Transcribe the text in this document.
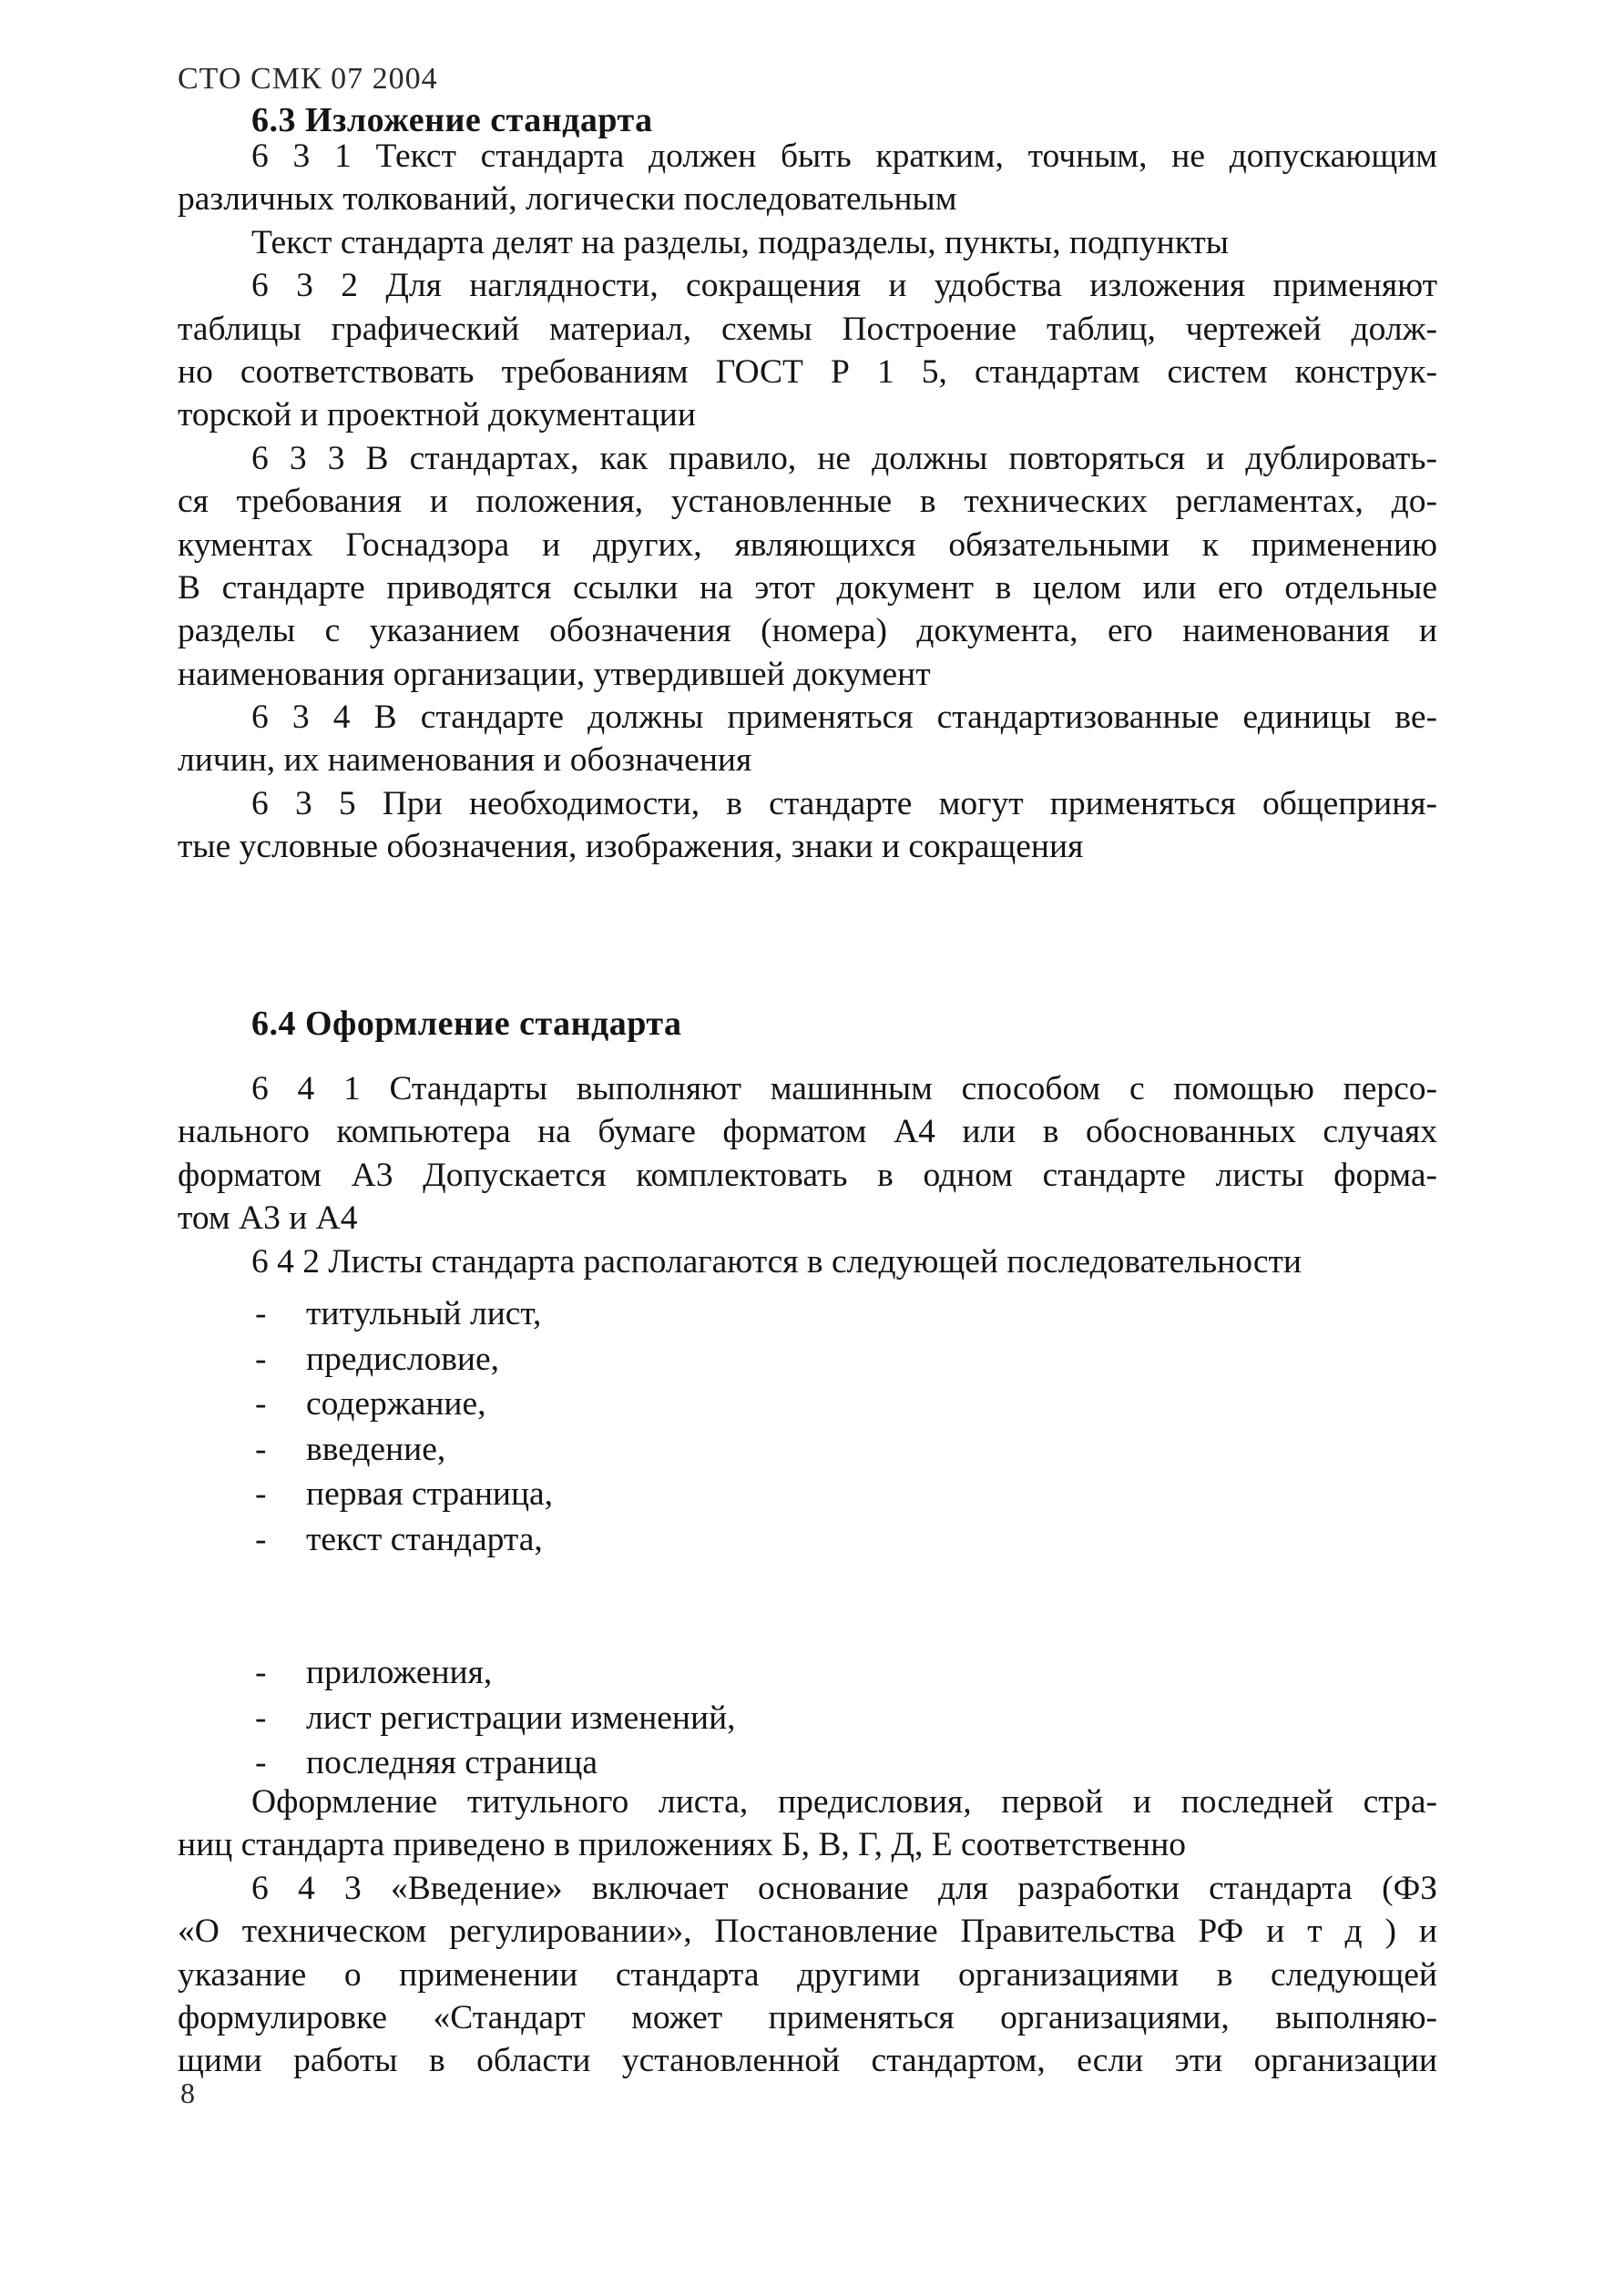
СТО СМК 07 2004
6.3 Изложение стандарта
6 3 1 Текст стандарта должен быть кратким, точным, не допускающим
различных толкований, логически последовательным
Текст стандарта делят на разделы, подразделы, пункты, подпункты
6 3 2 Для наглядности, сокращения и удобства изложения применяют
таблицы графический материал, схемы Построение таблиц, чертежей долж-
но соответствовать требованиям ГОСТ Р 1 5, стандартам систем конструк-
торской и проектной документации
6 3 3 В стандартах, как правило, не должны повторяться и дублировать-
ся требования и положения, установленные в технических регламентах, до-
кументах Госнадзора и других, являющихся обязательными к применению
В стандарте приводятся ссылки на этот документ в целом или его отдельные
разделы с указанием обозначения (номера) документа, его наименования и
наименования организации, утвердившей документ
6 3 4 В стандарте должны применяться стандартизованные единицы ве-
личин, их наименования и обозначения
6 3 5 При необходимости, в стандарте могут применяться общеприня-
тые условные обозначения, изображения, знаки и сокращения
6.4 Оформление стандарта
6 4 1 Стандарты выполняют машинным способом с помощью персо-
нального компьютера на бумаге форматом А4 или в обоснованных случаях
форматом А3 Допускается комплектовать в одном стандарте листы форма-
том А3 и А4
6 4 2 Листы стандарта располагаются в следующей последовательности
- титульный лист,
- предисловие,
- содержание,
- введение,
- первая страница,
- текст стандарта,
- приложения,
- лист регистрации изменений,
- последняя страница
Оформление титульного листа, предисловия, первой и последней стра-
ниц стандарта приведено в приложениях Б, В, Г, Д, Е соответственно
6 4 3 «Введение» включает основание для разработки стандарта (ФЗ
«О техническом регулировании», Постановление Правительства РФ и т д ) и
указание о применении стандарта другими организациями в следующей
формулировке «Стандарт может применяться организациями, выполняю-
щими работы в области установленной стандартом, если эти организации
8
